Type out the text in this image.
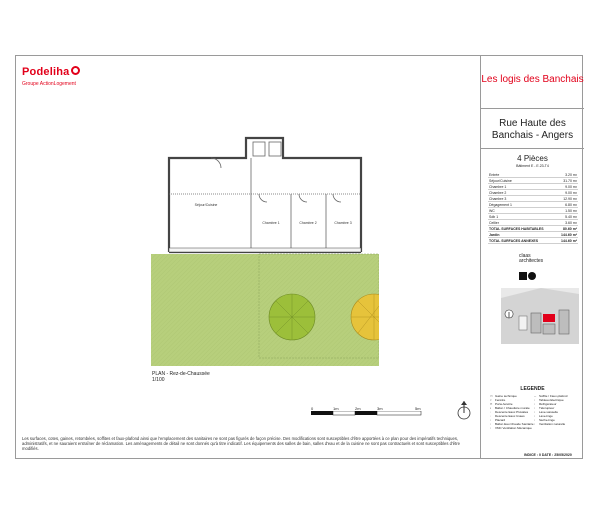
Podeliha
Groupe ActionLogement	Les logis des Banchais
Rue Haute des Banchais - Angers
4 Pièces
Bâtiment E - E.23-T4
Entrée	3.20 m²
Séjour/Cuisine	31.70 m²
Chambre 1	9.00 m²
Chambre 2	9.00 m²
Chambre 3	12.90 m²
Dégagement 1	6.80 m²
WC	1.50 m²
Sdb 1	5.40 m²
Cellier	3.60 m²
TOTAL SURFACES HABITABLES	80.60 m²
Jardin	144.60 m²
TOTAL SURFACES ANNEXES	144.60 m²
claas
architectes
LEGENDE
▭ Gaine technique
▿ Fenêtre
⊓ Porte-fenêtre
▪ Ballon / Chaudière murale
◦ Descente Eaux Pluviales
◦ Descente Eaux Usées
▫ Placard
▫ Ballon Eau Chaude Sanitaire
▫ VMC Ventilation Mécanique
─ Soffite / Faux-plafond
▫ Tableau Electrique
▫ Réfrigérateur
▫ Télérupteur
▫ Lave-vaisselle
▫ Lave-linge
▫ Sèche-linge
▫ Ventilation naturelle
INDICE : 0 DATE : 25/05/2020
Séjour/Cuisine
Chambre 1	Chambre 2	Chambre 3
PLAN - Rez-de-Chaussée
1/100
0	1m	2m	3m	5m
Les surfaces, cotes, gaines, retombées, soffites et faux-plafond ainsi que l'emplacement des sanitaires ne sont pas figurés de façon précise. Des modifications sont susceptibles d'être apportées à ce plan pour des impératifs techniques, administratifs, et ne sauraient entraîner de réclamation. Les aménagements de détail ne sont donnés qu'à titre indicatif. Les équipements des salles de bain, salles d'eau et de la cuisine ne sont pas contractuels et sont susceptibles d'être modifiés.
